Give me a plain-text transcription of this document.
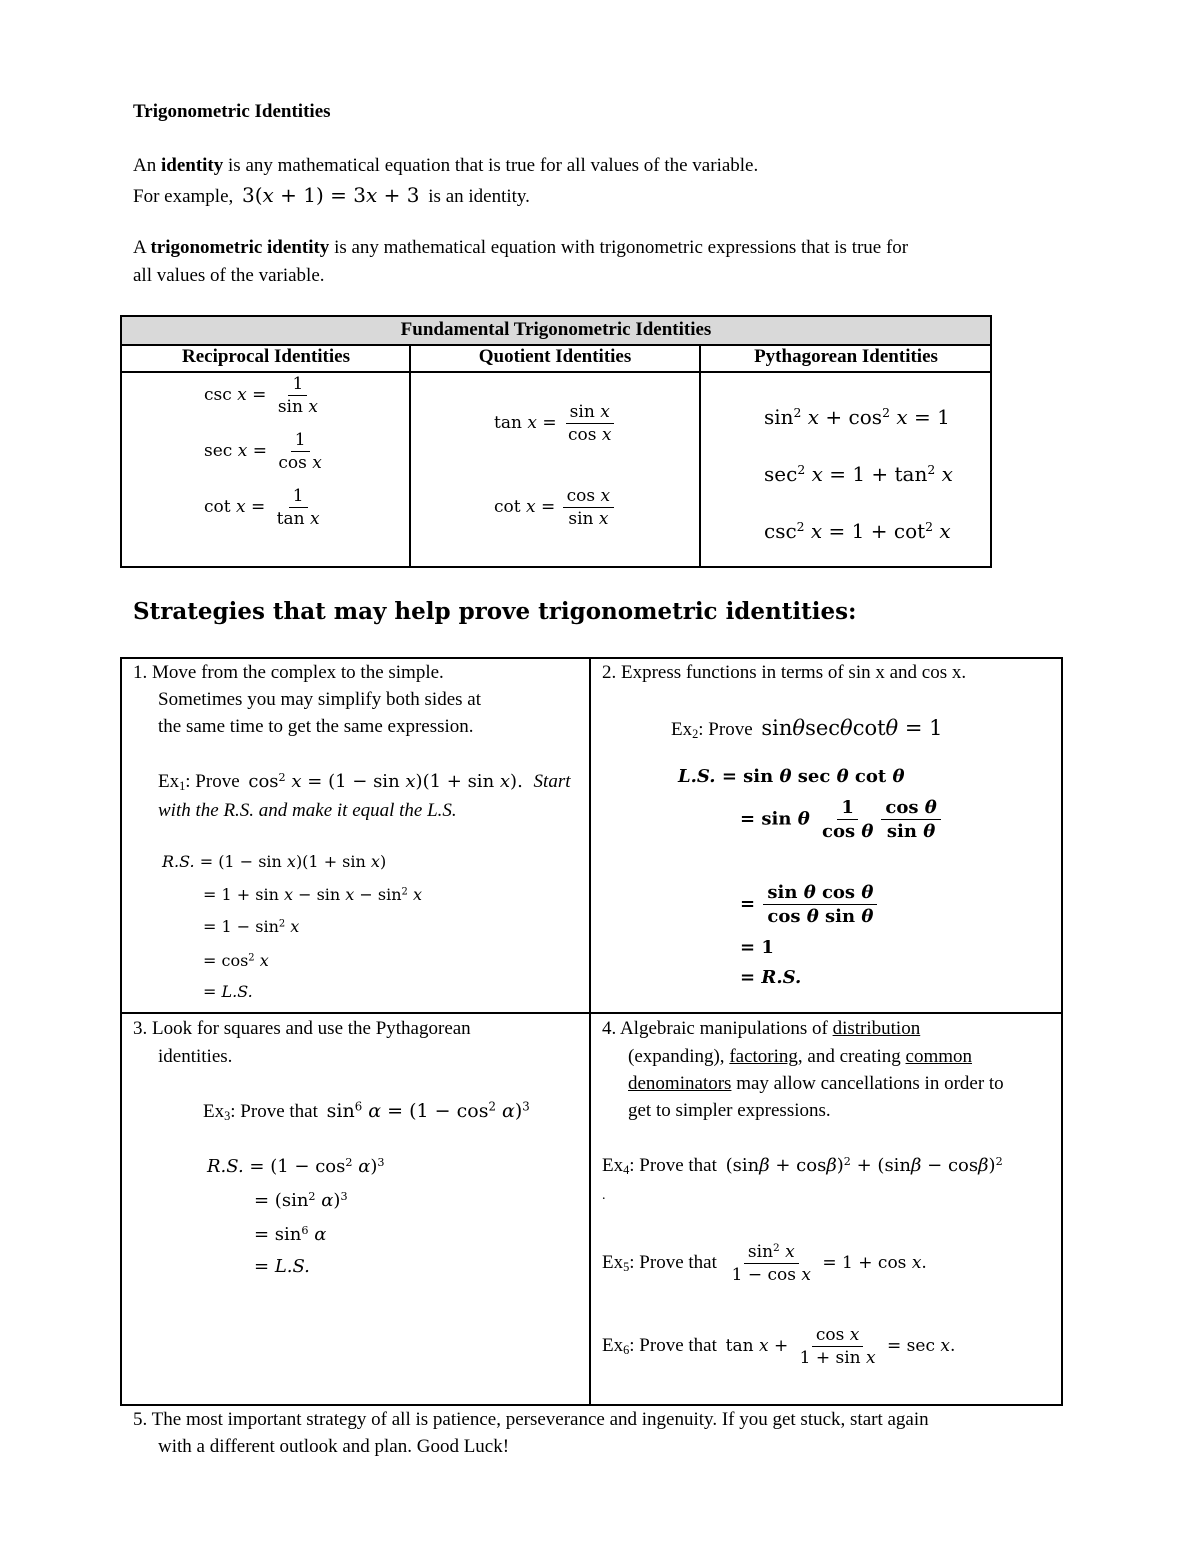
Trigonometric Identities
An identity is any mathematical equation that is true for all values of the variable.
For example, 3(x + 1) = 3x + 3 is an identity.
A trigonometric identity is any mathematical equation with trigonometric expressions that is true for
all values of the variable.
Fundamental Trigonometric Identities
Reciprocal Identities	Quotient Identities	Pythagorean Identities
$\csc x = \frac{1}{\text{sin x}}$
$\sec x = \frac{1}{\text{cos x}}$
$\cot x = \frac{1}{\text{tan x}}$
$\tan x = \frac{\text{sin x}}{\text{cos x}}$
$\cot x = \frac{\text{cos x}}{\text{sin x}}$
$\sin^2 x + \cos^2 x = 1$
$\sec^2 x = 1 + \tan^2 x$
$\csc^2 x = 1 + \cot^2 x$
Strategies that may help prove trigonometric identities:
1. Move from the complex to the simple.
Sometimes you may simplify both sides at
the same time to get the same expression.
$Ex_1$: Prove $\cos^2 x = (1 - \sin x)(1 + \sin x)$. Start
with the R.S. and make it equal the L.S.
R.S. = (1 − sin x)(1 + sin x)
= $1 + \sin x - \sin x - \sin^2 x$
= $1 - \sin^2 x$
= $\cos^2 x$
= L.S.
2. Express functions in terms of sin x and cos x.
$Ex_2$: Prove sinθsecθcotθ = 1
L.S. = sin θ sec θ cot θ
= sin θ $\frac{1}{\text{cos θ}} \frac{\text{cos θ}}{\text{sin θ}}$
= $\frac{\text{sin θ cos θ}}{\text{cos θ sin θ}}$
= 1
= R.S.
3. Look for squares and use the Pythagorean
identities.
$Ex_3$: Prove that $\sin^6 \alpha = (1 - \cos^2 \alpha)^3$
R.S. = $(1 - \cos^2 \alpha)^3$
= ($\sin^2$ α)$^3$
= $\sin^6 \alpha$
= L.S.
4. Algebraic manipulations of distribution
(expanding), factoring, and creating common
denominators may allow cancellations in order to
get to simpler expressions.
$Ex_4$: Prove that $(\sin\beta + \cos\beta)^2 + (\sin\beta - \cos\beta)^2$
.
$Ex_5$: Prove that $\frac{\sin^2 x}{\text{1 − cos x}} = 1 + \cos x$.
$Ex_6$: Prove that $\tan x + \frac{\text{cos x}}{\text{1 + sin x}} = \sec x$.
5. The most important strategy of all is patience, perseverance and ingenuity. If you get stuck, start again
with a different outlook and plan. Good Luck!
